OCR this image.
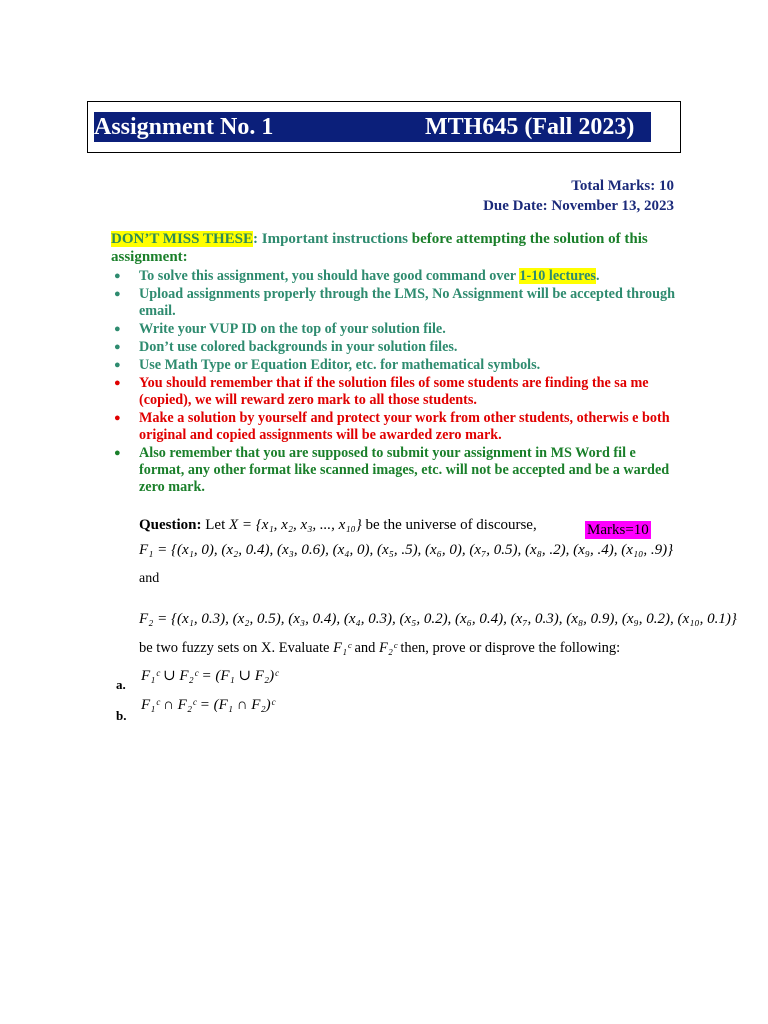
Assignment No. 1	MTH645 (Fall 2023)
Total Marks: 10
Due Date: November 13, 2023
DON’T MISS THESE: Important instructions before attempting the solution of this assignment:
● To solve this assignment, you should have good command over 1-10 lectures.
● Upload assignments properly through the LMS, No Assignment will be accepted through email.
● Write your VUP ID on the top of your solution file.
● Don’t use colored backgrounds in your solution files.
● Use Math Type or Equation Editor, etc. for mathematical symbols.
● You should remember that if the solution files of some students are finding the sa me (copied), we will reward zero mark to all those students.
● Make a solution by yourself and protect your work from other students, otherwis e both original and copied assignments will be awarded zero mark.
● Also remember that you are supposed to submit your assignment in MS Word fil e format, any other format like scanned images, etc. will not be accepted and be a warded zero mark.
Question: Let X = {x₁, x₂, x₃, ..., x₁₀} be the universe of discourse,	Marks=10
F₁ = {(x₁, 0), (x₂, 0.4), (x₃, 0.6), (x₄, 0), (x₅, .5), (x₆, 0), (x₇, 0.5), (x₈, .2), (x₉, .4), (x₁₀, .9)}
and
F₂ = {(x₁, 0.3), (x₂, 0.5), (x₃, 0.4), (x₄, 0.3), (x₅, 0.2), (x₆, 0.4), (x₇, 0.3), (x₈, 0.9), (x₉, 0.2), (x₁₀, 0.1)}
be two fuzzy sets on X. Evaluate F₁ᶜ and F₂ᶜ then, prove or disprove the following:
a.
F₁ᶜ ∪ F₂ᶜ = (F₁ ∪ F₂)ᶜ
b.
F₁ᶜ ∩ F₂ᶜ = (F₁ ∩ F₂)ᶜ
